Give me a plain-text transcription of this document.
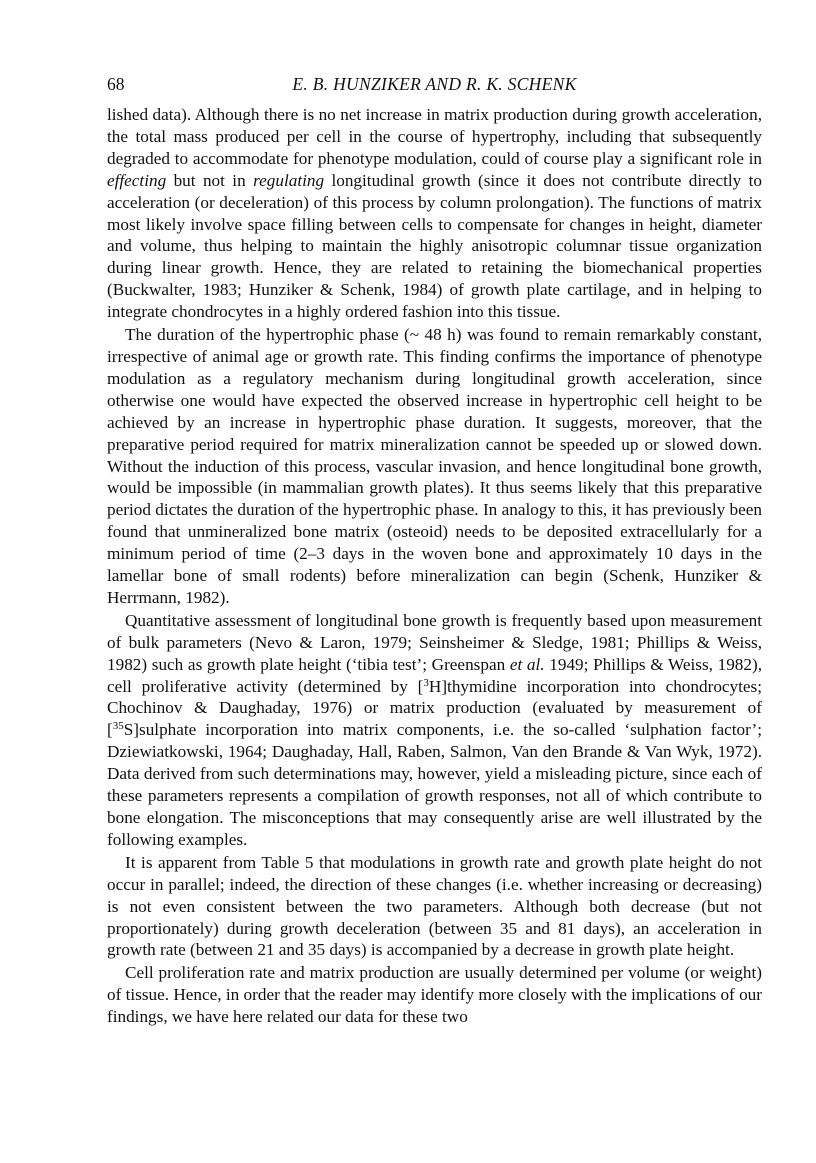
68	E. B. HUNZIKER AND R. K. SCHENK

lished data). Although there is no net increase in matrix production during growth acceleration, the total mass produced per cell in the course of hypertrophy, including that subsequently degraded to accommodate for phenotype modulation, could of course play a significant role in effecting but not in regulating longitudinal growth (since it does not contribute directly to acceleration (or deceleration) of this process by column prolongation). The functions of matrix most likely involve space filling between cells to compensate for changes in height, diameter and volume, thus helping to maintain the highly anisotropic columnar tissue organization during linear growth. Hence, they are related to retaining the biomechanical properties (Buckwalter, 1983; Hunziker & Schenk, 1984) of growth plate cartilage, and in helping to integrate chondrocytes in a highly ordered fashion into this tissue.

The duration of the hypertrophic phase (~ 48 h) was found to remain remarkably constant, irrespective of animal age or growth rate. This finding confirms the importance of phenotype modulation as a regulatory mechanism during longitudinal growth acceleration, since otherwise one would have expected the observed increase in hypertrophic cell height to be achieved by an increase in hypertrophic phase duration. It suggests, moreover, that the preparative period required for matrix mineralization cannot be speeded up or slowed down. Without the induction of this process, vascular invasion, and hence longitudinal bone growth, would be impossible (in mammalian growth plates). It thus seems likely that this preparative period dictates the duration of the hypertrophic phase. In analogy to this, it has previously been found that unmineralized bone matrix (osteoid) needs to be deposited extracellularly for a minimum period of time (2–3 days in the woven bone and approximately 10 days in the lamellar bone of small rodents) before mineralization can begin (Schenk, Hunziker & Herrmann, 1982).

Quantitative assessment of longitudinal bone growth is frequently based upon measurement of bulk parameters (Nevo & Laron, 1979; Seinsheimer & Sledge, 1981; Phillips & Weiss, 1982) such as growth plate height (‘tibia test’; Greenspan et al. 1949; Phillips & Weiss, 1982), cell proliferative activity (determined by [$^3$H]thymidine incorporation into chondrocytes; Chochinov & Daughaday, 1976) or matrix production (evaluated by measurement of [$^{35}$S]sulphate incorporation into matrix components, i.e. the so-called ‘sulphation factor’; Dziewiatkowski, 1964; Daughaday, Hall, Raben, Salmon, Van den Brande & Van Wyk, 1972). Data derived from such determinations may, however, yield a misleading picture, since each of these parameters represents a compilation of growth responses, not all of which contribute to bone elongation. The misconceptions that may consequently arise are well illustrated by the following examples.

It is apparent from Table 5 that modulations in growth rate and growth plate height do not occur in parallel; indeed, the direction of these changes (i.e. whether increasing or decreasing) is not even consistent between the two parameters. Although both decrease (but not proportionately) during growth deceleration (between 35 and 81 days), an acceleration in growth rate (between 21 and 35 days) is accompanied by a decrease in growth plate height.

Cell proliferation rate and matrix production are usually determined per volume (or weight) of tissue. Hence, in order that the reader may identify more closely with the implications of our findings, we have here related our data for these two
